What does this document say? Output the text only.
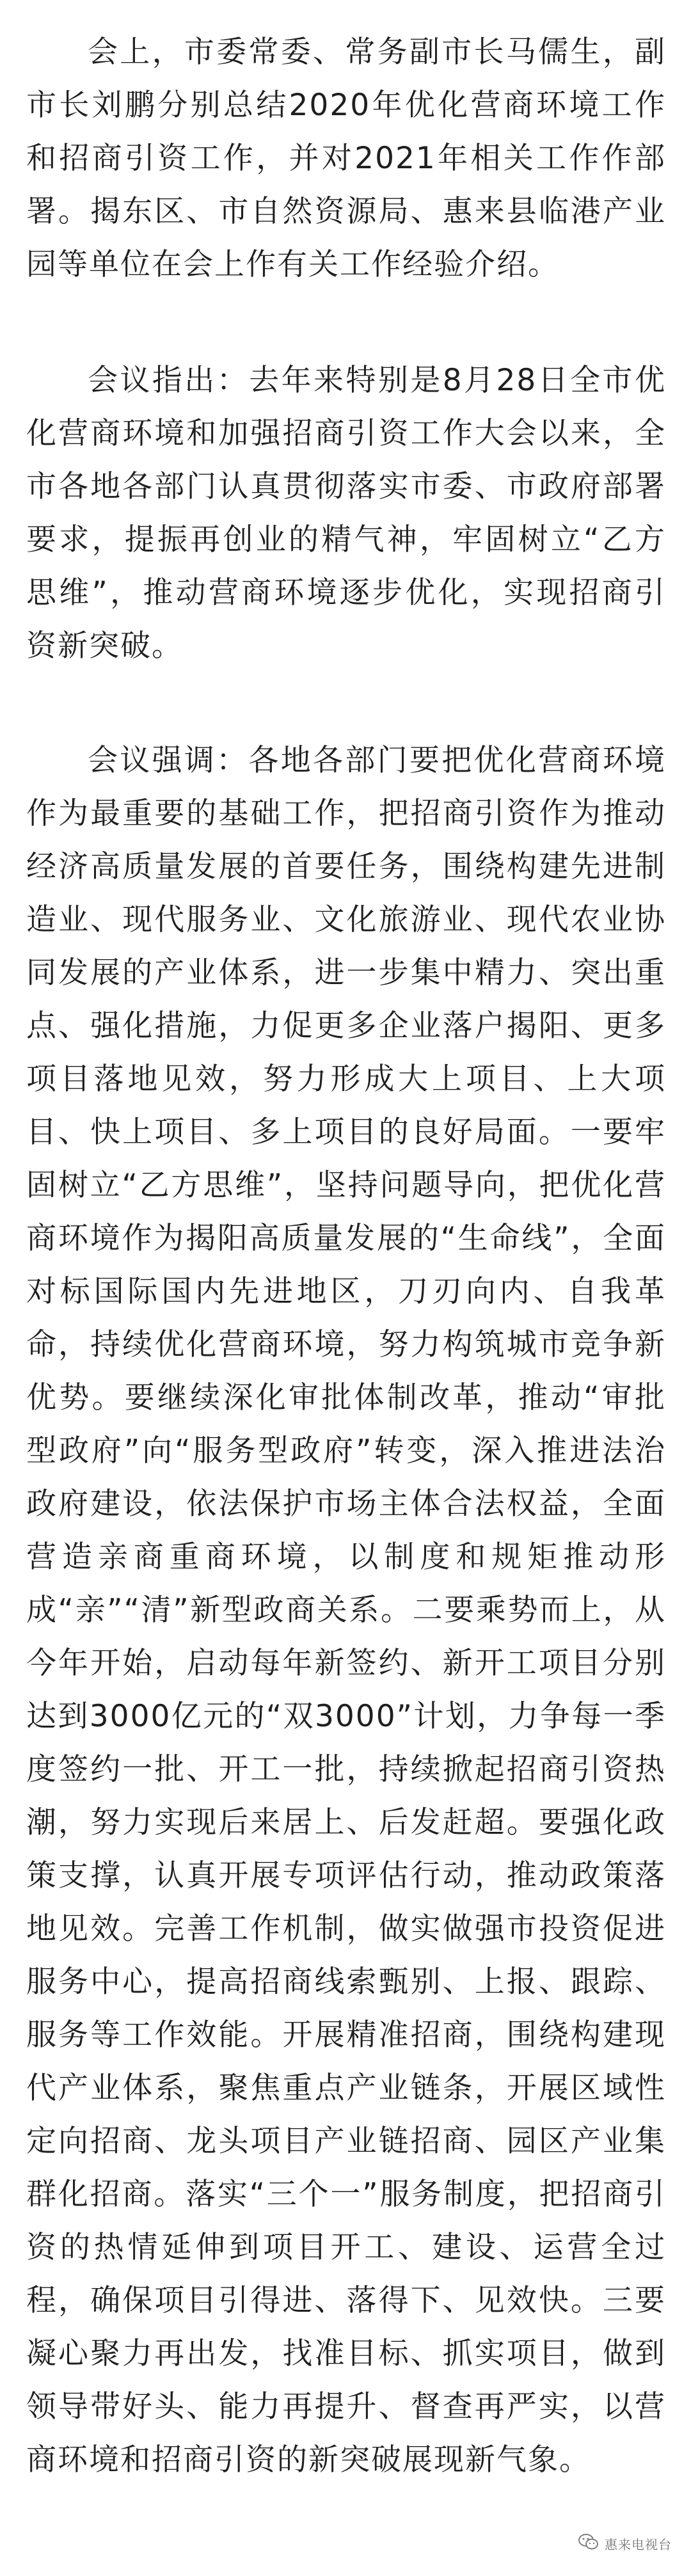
会上，市委常委、常务副市长马儒生，副市长刘鹏分别总结2020年优化营商环境工作和招商引资工作，并对2021年相关工作作部署。揭东区、市自然资源局、惠来县临港产业园等单位在会上作有关工作经验介绍。

会议指出：去年来特别是8月28日全市优化营商环境和加强招商引资工作大会以来，全市各地各部门认真贯彻落实市委、市政府部署要求，提振再创业的精气神，牢固树立“乙方思维”，推动营商环境逐步优化，实现招商引资新突破。

会议强调：各地各部门要把优化营商环境作为最重要的基础工作，把招商引资作为推动经济高质量发展的首要任务，围绕构建先进制造业、现代服务业、文化旅游业、现代农业协同发展的产业体系，进一步集中精力、突出重点、强化措施，力促更多企业落户揭阳、更多项目落地见效，努力形成大上项目、上大项目、快上项目、多上项目的良好局面。一要牢固树立“乙方思维”，坚持问题导向，把优化营商环境作为揭阳高质量发展的“生命线”，全面对标国际国内先进地区，刀刃向内、自我革命，持续优化营商环境，努力构筑城市竞争新优势。要继续深化审批体制改革，推动“审批型政府”向“服务型政府”转变，深入推进法治政府建设，依法保护市场主体合法权益，全面营造亲商重商环境，以制度和规矩推动形成“亲”“清”新型政商关系。二要乘势而上，从今年开始，启动每年新签约、新开工项目分别达到3000亿元的“双3000”计划，力争每一季度签约一批、开工一批，持续掀起招商引资热潮，努力实现后来居上、后发赶超。要强化政策支撑，认真开展专项评估行动，推动政策落地见效。完善工作机制，做实做强市投资促进服务中心，提高招商线索甄别、上报、跟踪、服务等工作效能。开展精准招商，围绕构建现代产业体系，聚焦重点产业链条，开展区域性定向招商、龙头项目产业链招商、园区产业集群化招商。落实“三个一”服务制度，把招商引资的热情延伸到项目开工、建设、运营全过程，确保项目引得进、落得下、见效快。三要凝心聚力再出发，找准目标、抓实项目，做到领导带好头、能力再提升、督查再严实，以营商环境和招商引资的新突破展现新气象。

惠来电视台
